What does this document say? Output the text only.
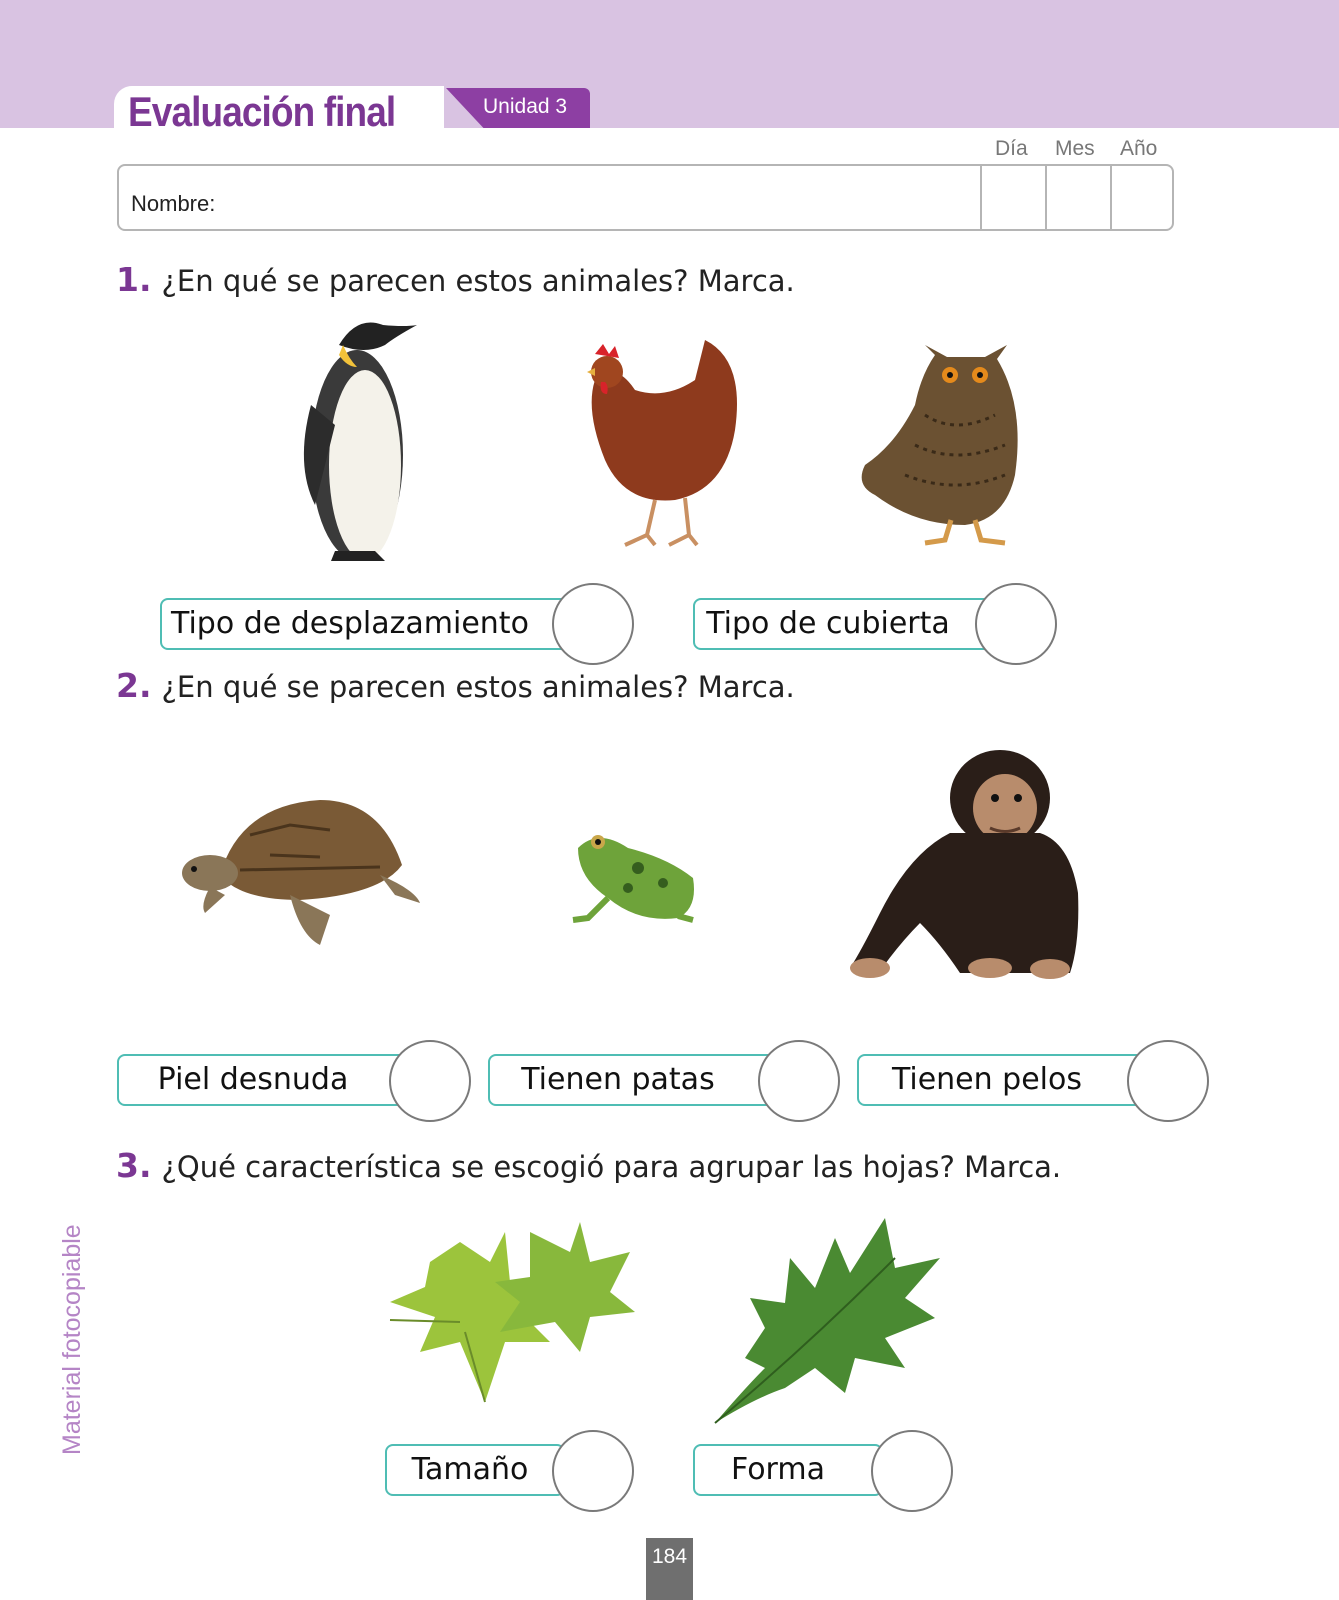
Evaluación final	Unidad 3
Día Mes Año
Nombre:
1. ¿En qué se parecen estos animales? Marca.
Tipo de desplazamiento	Tipo de cubierta
2. ¿En qué se parecen estos animales? Marca.
Piel desnuda	Tienen patas	Tienen pelos
3. ¿Qué característica se escogió para agrupar las hojas? Marca.
Tamaño	Forma
Material fotocopiable
184
